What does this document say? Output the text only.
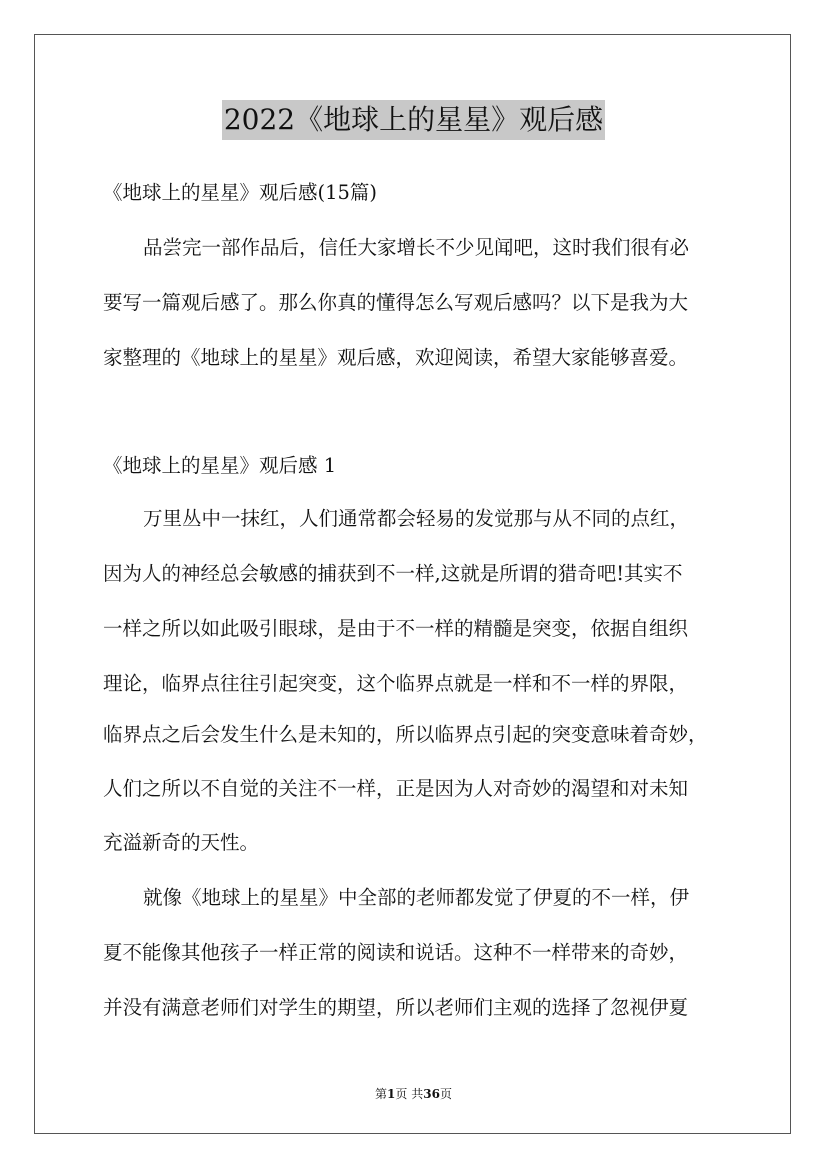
2022《地球上的星星》观后感
《地球上的星星》观后感(15篇)
品尝完一部作品后，信任大家增长不少见闻吧，这时我们很有必
要写一篇观后感了。那么你真的懂得怎么写观后感吗？以下是我为大
家整理的《地球上的星星》观后感，欢迎阅读，希望大家能够喜爱。
《地球上的星星》观后感 1
万里丛中一抹红，人们通常都会轻易的发觉那与从不同的点红，
因为人的神经总会敏感的捕获到不一样,这就是所谓的猎奇吧!其实不
一样之所以如此吸引眼球，是由于不一样的精髓是突变，依据自组织
理论，临界点往往引起突变，这个临界点就是一样和不一样的界限，
临界点之后会发生什么是未知的，所以临界点引起的突变意味着奇妙，
人们之所以不自觉的关注不一样，正是因为人对奇妙的渴望和对未知
充溢新奇的天性。
就像《地球上的星星》中全部的老师都发觉了伊夏的不一样，伊
夏不能像其他孩子一样正常的阅读和说话。这种不一样带来的奇妙，
并没有满意老师们对学生的期望，所以老师们主观的选择了忽视伊夏
第1页 共36页
